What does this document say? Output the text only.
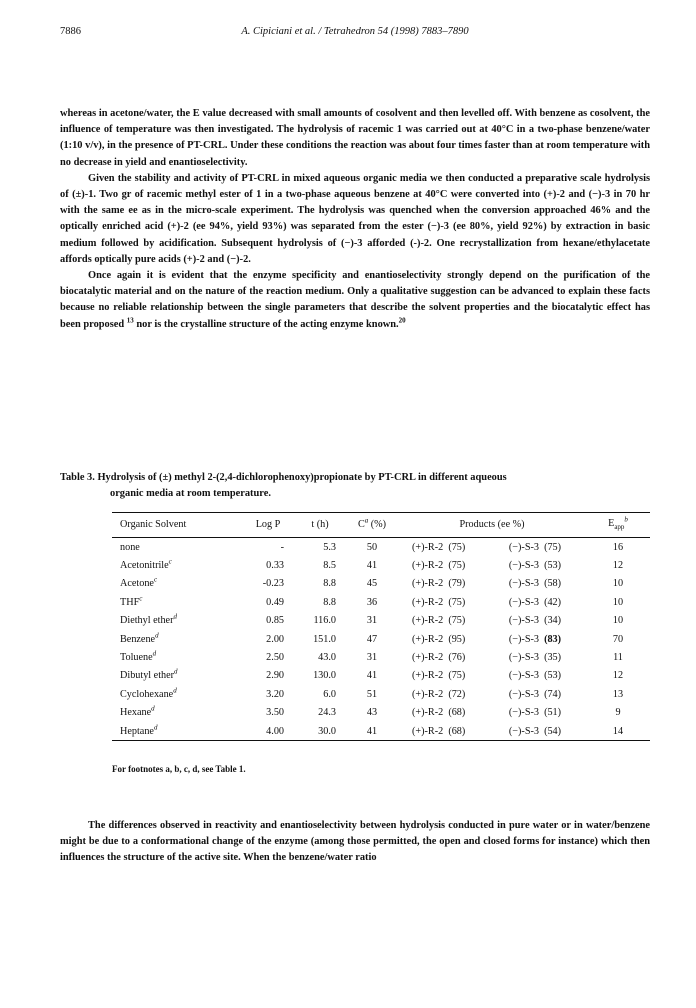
7886	A. Cipiciani et al. / Tetrahedron 54 (1998) 7883–7890

whereas in acetone/water, the E value decreased with small amounts of cosolvent and then levelled off. With benzene as cosolvent, the influence of temperature was then investigated. The hydrolysis of racemic 1 was carried out at 40°C in a two-phase benzene/water (1:10 v/v), in the presence of PT-CRL. Under these conditions the reaction was about four times faster than at room temperature with no decrease in yield and enantioselectivity.

Given the stability and activity of PT-CRL in mixed aqueous organic media we then conducted a preparative scale hydrolysis of (±)-1. Two gr of racemic methyl ester of 1 in a two-phase aqueous benzene at 40°C were converted into (+)-2 and (−)-3 in 70 hr with the same ee as in the micro-scale experiment. The hydrolysis was quenched when the conversion approached 46% and the optically enriched acid (+)-2 (ee 94%, yield 93%) was separated from the ester (−)-3 (ee 80%, yield 92%) by extraction in basic medium followed by acidification. Subsequent hydrolysis of (−)-3 afforded (-)-2. One recrystallization from hexane/ethylacetate affords optically pure acids (+)-2 and (−)-2.

Once again it is evident that the enzyme specificity and enantioselectivity strongly depend on the purification of the biocatalytic material and on the nature of the reaction medium. Only a qualitative suggestion can be advanced to explain these facts because no reliable relationship between the single parameters that describe the solvent properties and the biocatalytic effect has been proposed $^{13}$ nor is the crystalline structure of the acting enzyme known.$^{20}$

Table 3. Hydrolysis of (±) methyl 2-(2,4-dichlorophenoxy)propionate by PT-CRL in different aqueous
organic media at room temperature.
Organic Solvent	Log P	t (h)	$C^a$ (%)	Products (ee %)		$E_{app}^b$
none	-	5.3	50	(+)-R-2 (75)	(−)-S-3 (75)	16
Acetonitrile$^c$	0.33	8.5	41	(+)-R-2 (75)	(−)-S-3 (53)	12
Acetone$^c$	-0.23	8.8	45	(+)-R-2 (79)	(−)-S-3 (58)	10
THF$^c$	0.49	8.8	36	(+)-R-2 (75)	(−)-S-3 (42)	10
Diethyl ether$^d$	0.85	116.0	31	(+)-R-2 (75)	(−)-S-3 (34)	10
Benzene$^d$	2.00	151.0	47	(+)-R-2 (95)	(−)-S-3 (83)	70
Toluene$^d$	2.50	43.0	31	(+)-R-2 (76)	(−)-S-3 (35)	11
Dibutyl ether$^d$	2.90	130.0	41	(+)-R-2 (75)	(−)-S-3 (53)	12
Cyclohexane$^d$	3.20	6.0	51	(+)-R-2 (72)	(−)-S-3 (74)	13
Hexane$^d$	3.50	24.3	43	(+)-R-2 (68)	(−)-S-3 (51)	9
Heptane$^d$	4.00	30.0	41	(+)-R-2 (68)	(−)-S-3 (54)	14
For footnotes a, b, c, d, see Table 1.

The differences observed in reactivity and enantioselectivity between hydrolysis conducted in pure water or in water/benzene might be due to a conformational change of the enzyme (among those permitted, the open and closed forms for instance) which then influences the structure of the active site. When the benzene/water ratio
